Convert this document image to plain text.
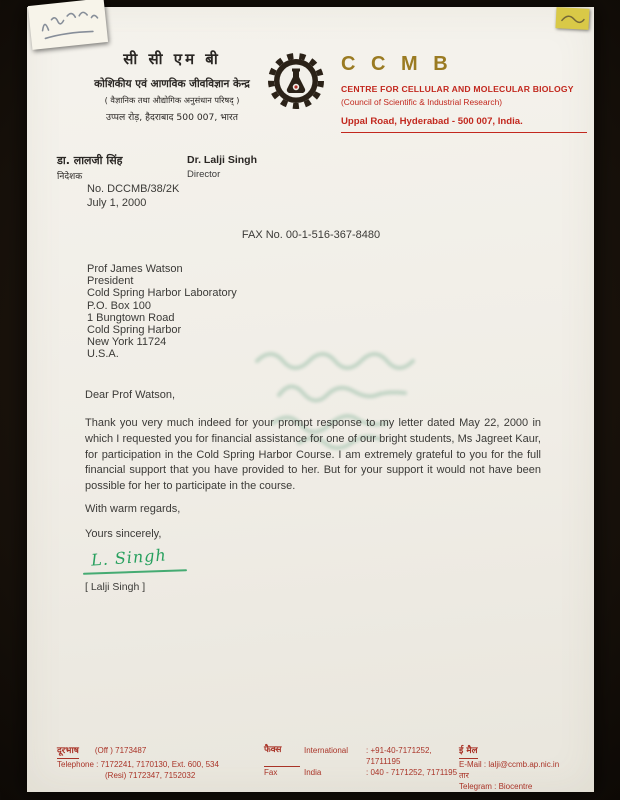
सी सी एम बी
कोशिकीय एवं आणविक जीवविज्ञान केन्द्र
( वैज्ञानिक तथा औद्योगिक अनुसंधान परिषद् )
उप्पल रोड़, हैदराबाद 500 007, भारत
C C M B
CENTRE FOR CELLULAR AND MOLECULAR BIOLOGY
(Council of Scientific & Industrial Research)
Uppal Road, Hyderabad - 500 007, India.
डा. लालजी सिंह
निदेशक
Dr. Lalji Singh
Director
No. DCCMB/38/2K
July 1, 2000
FAX No. 00-1-516-367-8480
Prof James Watson
President
Cold Spring Harbor Laboratory
P.O. Box 100
1 Bungtown Road
Cold Spring Harbor
New York 11724
U.S.A.
Dear Prof Watson,
Thank you very much indeed for your prompt response to my letter dated May 22, 2000 in which I requested you for financial assistance for one of our bright students, Ms Jagreet Kaur, for participation in the Cold Spring Harbor Course. I am extremely grateful to you for the full financial support that you have provided to her. But for your support it would not have been possible for her to participate in the course.
With warm regards,
Yours sincerely,
L. Singh
[ Lalji Singh ]
दूरभाष (Off ) 7173487
Telephone : 7172241, 7170130, Ext. 600, 534
(Resi) 7172347, 7152032
फैक्स	International	: +91-40-7171252, 71711195
Fax	India	: 040 - 7171252, 7171195
ई मैल
E-Mail : lalji@ccmb.ap.nic.in
तार
Telegram : Biocentre
